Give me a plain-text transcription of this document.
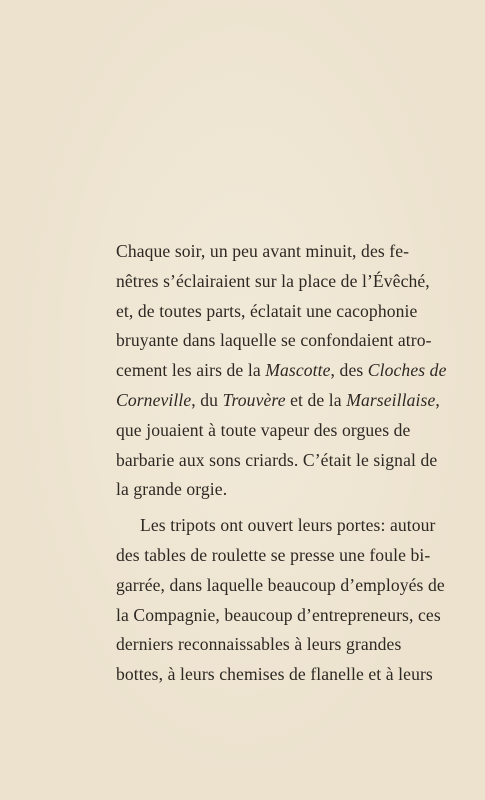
Chaque soir, un peu avant minuit, des fe-
nêtres s’éclairaient sur la place de l’Évêché,
et, de toutes parts, éclatait une cacophonie
bruyante dans laquelle se confondaient atro-
cement les airs de la Mascotte , des Cloches de
Corneville , du Trouvère et de la Marseillaise ,
que jouaient à toute vapeur des orgues de
barbarie aux sons criards. C’était le signal de
la grande orgie.
Les tripots ont ouvert leurs portes: autour
des tables de roulette se presse une foule bi-
garrée, dans laquelle beaucoup d’employés de
la Compagnie, beaucoup d’entrepreneurs, ces
derniers reconnaissables à leurs grandes
bottes, à leurs chemises de flanelle et à leurs
